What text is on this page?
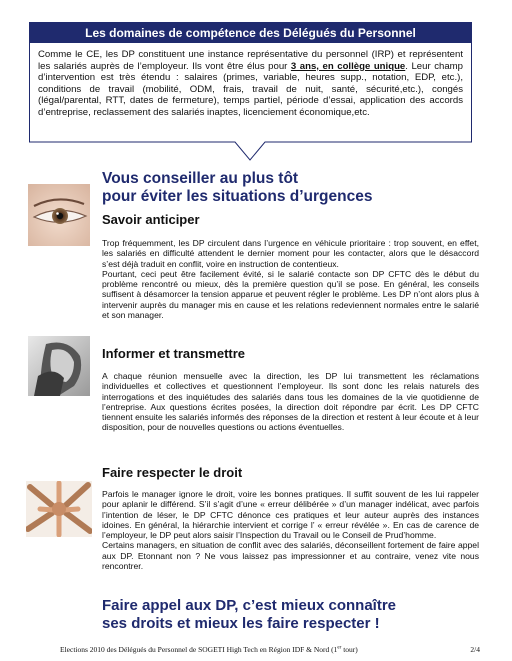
Les domaines de compétence des Délégués du Personnel
Comme le CE, les DP constituent une instance représentative du personnel (IRP) et représentent les salariés auprès de l’employeur. Ils vont être élus pour 3 ans, en collège unique. Leur champ d’intervention est très étendu : salaires (primes, variable, heures supp., notation, EDP, etc.), conditions de travail (mobilité, ODM, frais, travail de nuit, santé, sécurité,etc.), congés (légal/parental, RTT, dates de fermeture), temps partiel, période d’essai, application des accords d’entreprise, reclassement des salariés inaptes, licenciement économique,etc.
Vous conseiller au plus tôt
pour éviter les situations d’urgences
Savoir anticiper

Trop fréquemment, les DP circulent dans l’urgence en véhicule prioritaire : trop souvent, en effet, les salariés en difficulté attendent le dernier moment pour les contacter, alors que le désaccord s’est déjà traduit en conflit, voire en instruction de contentieux.

Pourtant, ceci peut être facilement évité, si le salarié contacte son DP CFTC dès le début du problème rencontré ou mieux, dès la première question qu’il se pose. En général, les conseils suffisent à désamorcer la tension apparue et peuvent régler le problème. Les DP n’ont alors plus à intervenir auprès du manager mis en cause et les relations redeviennent normales entre le salarié et son manager.

Informer et transmettre

A chaque réunion mensuelle avec la direction, les DP lui transmettent les réclamations individuelles et collectives et questionnent l’employeur. Ils sont donc les relais naturels des interrogations et des inquiétudes des salariés dans tous les domaines de la vie quotidienne de l’entreprise. Aux questions écrites posées, la direction doit répondre par écrit. Les DP CFTC tiennent ensuite les salariés informés des réponses de la direction et restent à leur écoute et à leur disposition, pour de nouvelles questions ou actions éventuelles.

Faire respecter le droit

Parfois le manager ignore le droit, voire les bonnes pratiques. Il suffit souvent de les lui rappeler pour aplanir le différend. S’il s’agit d’une « erreur délibérée » d’un manager indélicat, avec parfois l’intention de léser, le DP CFTC dénonce ces pratiques et leur auteur auprès des instances idoines. En général, la hiérarchie intervient et corrige l’ « erreur révélée ». En cas de carence de l’employeur, le DP peut alors saisir l’Inspection du Travail ou le Conseil de Prud’homme.

Certains managers, en situation de conflit avec des salariés, déconseillent fortement de faire appel aux DP. Etonnant non ? Ne vous laissez pas impressionner et au contraire, venez vite nous rencontrer.

Faire appel aux DP, c’est mieux connaître
ses droits et mieux les faire respecter !
Elections 2010 des Délégués du Personnel de SOGETI High Tech en Région IDF & Nord (1er tour)	2/4
